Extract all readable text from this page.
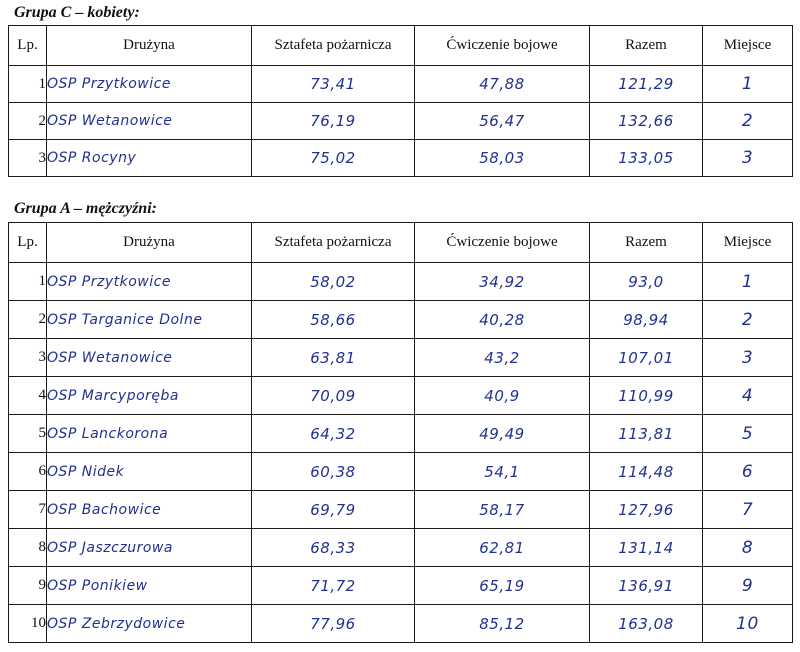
Grupa C – kobiety:
Lp.	Drużyna	Sztafeta pożarnicza	Ćwiczenie bojowe	Razem	Miejsce
1	OSP Przytkowice	73,41	47,88	121,29	1
2	OSP Wetanowice	76,19	56,47	132,66	2
3	OSP Rocyny	75,02	58,03	133,05	3
Grupa A – mężczyźni:
Lp.	Drużyna	Sztafeta pożarnicza	Ćwiczenie bojowe	Razem	Miejsce
1	OSP Przytkowice	58,02	34,92	93,0	1
2	OSP Targanice Dolne	58,66	40,28	98,94	2
3	OSP Wetanowice	63,81	43,2	107,01	3
4	OSP Marcyporęba	70,09	40,9	110,99	4
5	OSP Lanckorona	64,32	49,49	113,81	5
6	OSP Nidek	60,38	54,1	114,48	6
7	OSP Bachowice	69,79	58,17	127,96	7
8	OSP Jaszczurowa	68,33	62,81	131,14	8
9	OSP Ponikiew	71,72	65,19	136,91	9
10	OSP Zebrzydowice	77,96	85,12	163,08	10
